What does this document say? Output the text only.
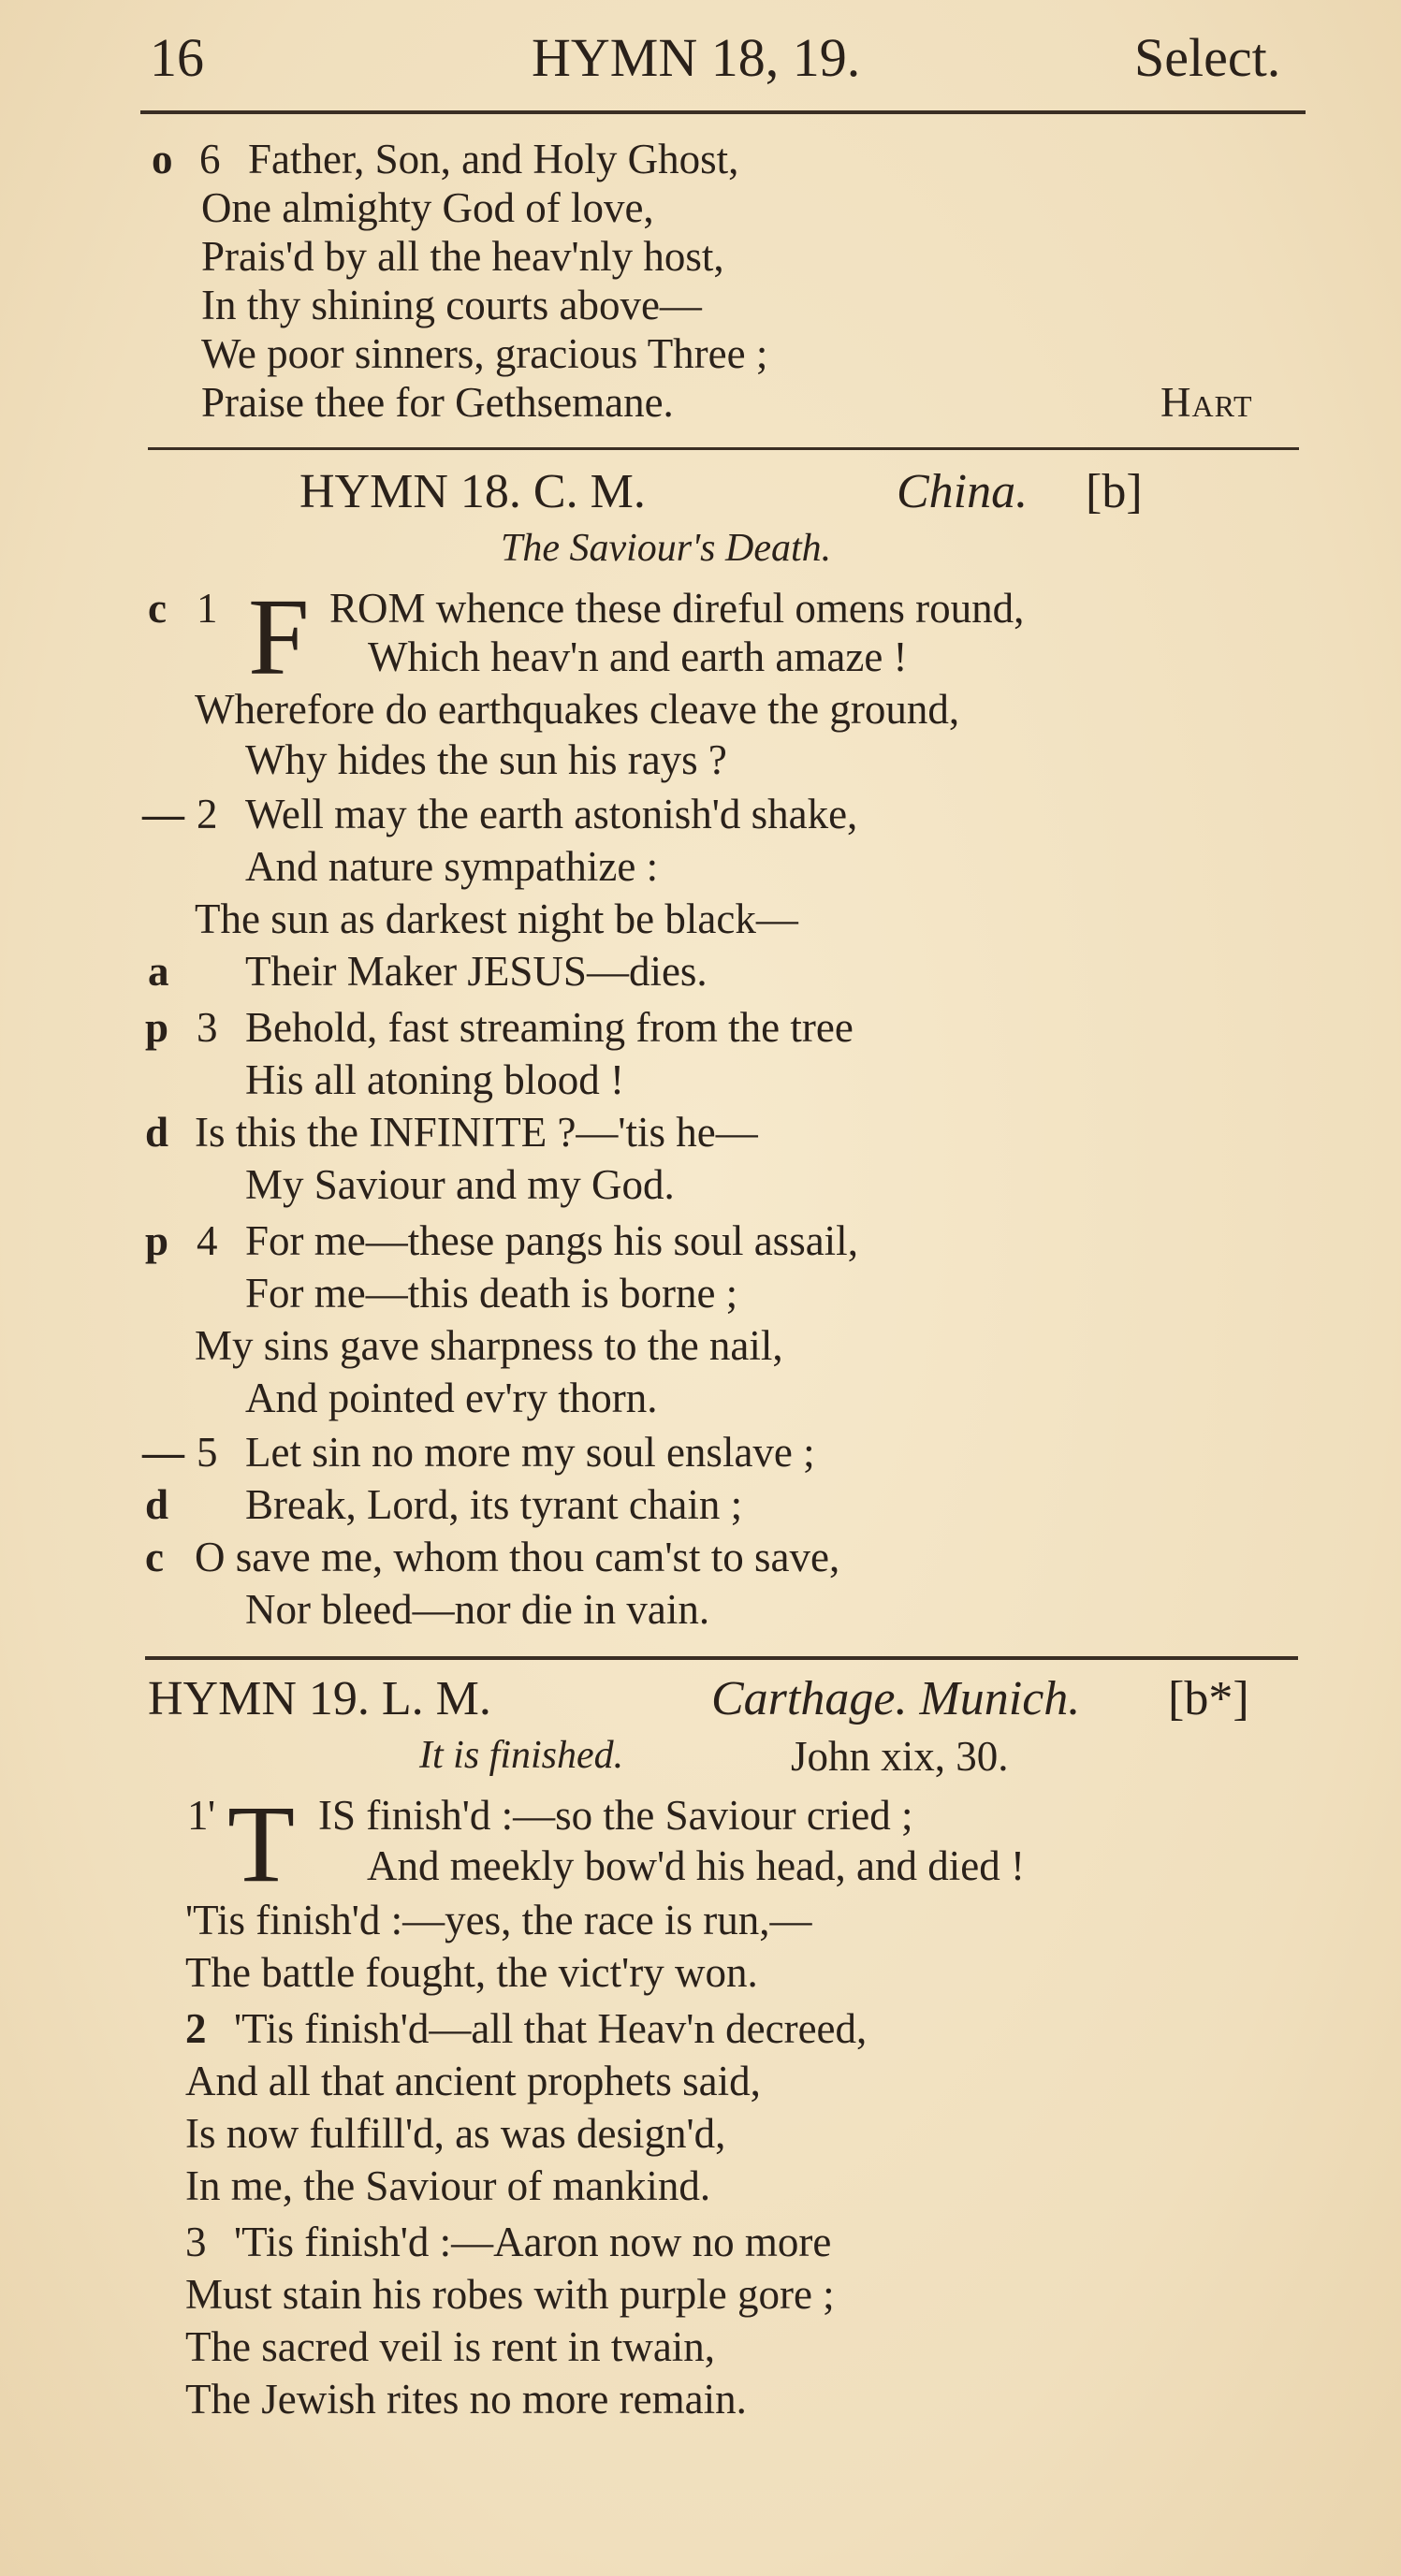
16	HYMN 18, 19.	Select.
o 6 Father, Son, and Holy Ghost,
One almighty God of love,
Prais'd by all the heav'nly host,
In thy shining courts above—
We poor sinners, gracious Three ;
Praise thee for Gethsemane.	Hart
HYMN 18. C. M.	China. [b]
The Saviour's Death.
c 1 F ROM whence these direful omens round,
Which heav'n and earth amaze !
Wherefore do earthquakes cleave the ground,
Why hides the sun his rays ?
— 2 Well may the earth astonish'd shake,
And nature sympathize :
The sun as darkest night be black—
a Their Maker JESUS—dies.
p 3 Behold, fast streaming from the tree
His all atoning blood !
d Is this the INFINITE ?—'tis he—
My Saviour and my God.
p 4 For me—these pangs his soul assail,
For me—this death is borne ;
My sins gave sharpness to the nail,
And pointed ev'ry thorn.
— 5 Let sin no more my soul enslave ;
d Break, Lord, its tyrant chain ;
c O save me, whom thou cam'st to save,
Nor bleed—nor die in vain.
HYMN 19. L. M.	Carthage. Munich. [b*]
It is finished.	John xix, 30.
1 ' T IS finish'd :—so the Saviour cried ;
And meekly bow'd his head, and died !
'Tis finish'd :—yes, the race is run,—
The battle fought, the vict'ry won.
2 'Tis finish'd—all that Heav'n decreed,
And all that ancient prophets said,
Is now fulfill'd, as was design'd,
In me, the Saviour of mankind.
3 'Tis finish'd :—Aaron now no more
Must stain his robes with purple gore ;
The sacred veil is rent in twain,
The Jewish rites no more remain.
